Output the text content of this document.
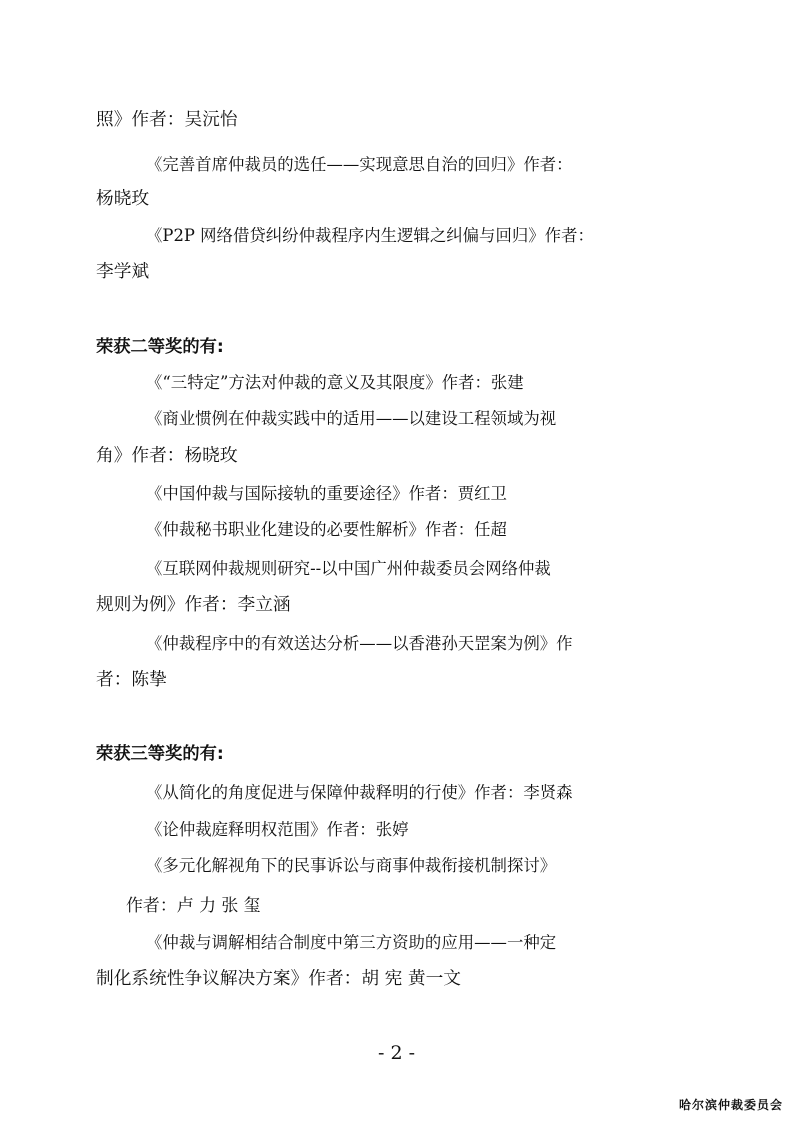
照》作者：吴沅怡
《完善首席仲裁员的选任——实现意思自治的回归》作者：
杨晓玫
《P2P 网络借贷纠纷仲裁程序内生逻辑之纠偏与回归》作者：
李学斌
荣获二等奖的有:
《“三特定”方法对仲裁的意义及其限度》作者：张建
《商业惯例在仲裁实践中的适用——以建设工程领域为视
角》作者：杨晓玫
《中国仲裁与国际接轨的重要途径》作者：贾红卫
《仲裁秘书职业化建设的必要性解析》作者：任超
《互联网仲裁规则研究--以中国广州仲裁委员会网络仲裁
规则为例》作者：李立涵
《仲裁程序中的有效送达分析——以香港孙天罡案为例》作
者：陈挚
荣获三等奖的有:
《从简化的角度促进与保障仲裁释明的行使》作者：李贤森
《论仲裁庭释明权范围》作者：张婷
《多元化解视角下的民事诉讼与商事仲裁衔接机制探讨》
作者：卢 力 张 玺
《仲裁与调解相结合制度中第三方资助的应用——一种定
制化系统性争议解决方案》作者：胡 宪 黄一文
- 2 -
哈尔滨仲裁委员会
